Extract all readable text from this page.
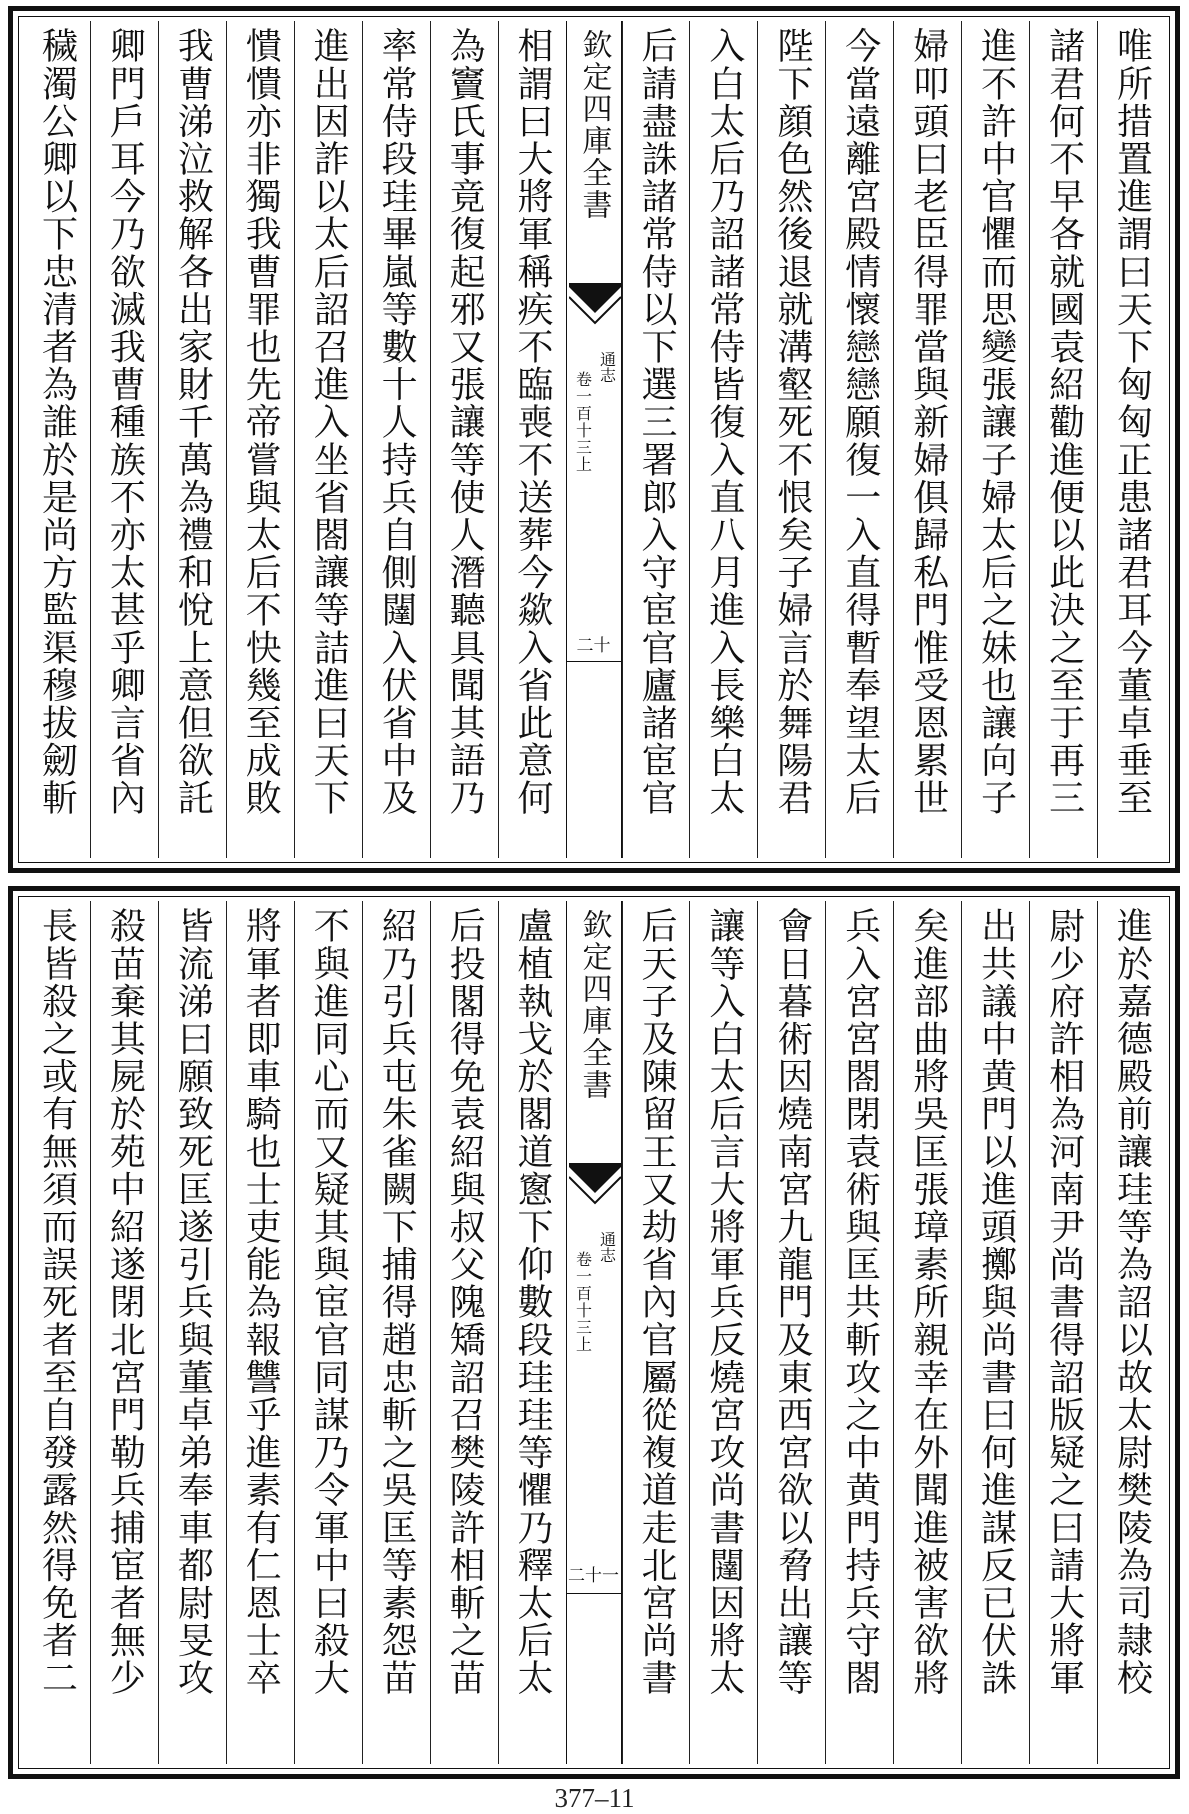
唯所措置進謂曰天下匈匈正患諸君耳今董卓垂至
諸君何不早各就國袁紹勸進便以此決之至于再三
進不許中官懼而思變張讓子婦太后之妹也讓向子
婦叩頭曰老臣得罪當與新婦俱歸私門惟受恩累世
今當遠離宮殿情懷戀戀願復一入直得暫奉望太后
陛下顔色然後退就溝壑死不恨矣子婦言於舞陽君
入白太后乃詔諸常侍皆復入直八月進入長樂白太
后請盡誅諸常侍以下選三署郎入守宦官廬諸宦官
欽定四庫全書
通志
卷一百十三上
二十
相謂曰大將軍稱疾不臨喪不送葬今歘入省此意何
為竇氏事竟復起邪又張讓等使人潛聽具聞其語乃
率常侍段珪畢嵐等數十人持兵自側闥入伏省中及
進出因詐以太后詔召進入坐省閤讓等詰進曰天下
憒憒亦非獨我曹罪也先帝嘗與太后不快幾至成敗
我曹涕泣救解各出家財千萬為禮和悅上意但欲託
卿門戶耳今乃欲滅我曹種族不亦太甚乎卿言省內
穢濁公卿以下忠清者為誰於是尚方監渠穆拔劒斬
進於嘉德殿前讓珪等為詔以故太尉樊陵為司隷校
尉少府許相為河南尹尚書得詔版疑之曰請大將軍
出共議中黄門以進頭擲與尚書曰何進謀反已伏誅
矣進部曲將吳匡張璋素所親幸在外聞進被害欲將
兵入宮宮閤閉袁術與匡共斬攻之中黄門持兵守閤
會日暮術因燒南宮九龍門及東西宮欲以脅出讓等
讓等入白太后言大將軍兵反燒宮攻尚書闥因將太
后天子及陳留王又劫省內官屬從複道走北宮尚書
欽定四庫全書
通志
卷一百十三上
二十一
盧植執戈於閣道窻下仰數段珪珪等懼乃釋太后太
后投閣得免袁紹與叔父隗矯詔召樊陵許相斬之苗
紹乃引兵屯朱雀闕下捕得趙忠斬之吳匡等素怨苗
不與進同心而又疑其與宦官同謀乃令軍中曰殺大
將軍者即車騎也士吏能為報讐乎進素有仁恩士卒
皆流涕曰願致死匡遂引兵與董卓弟奉車都尉旻攻
殺苗棄其屍於苑中紹遂閉北宮門勒兵捕宦者無少
長皆殺之或有無須而誤死者至自發露然得免者二
377–11
